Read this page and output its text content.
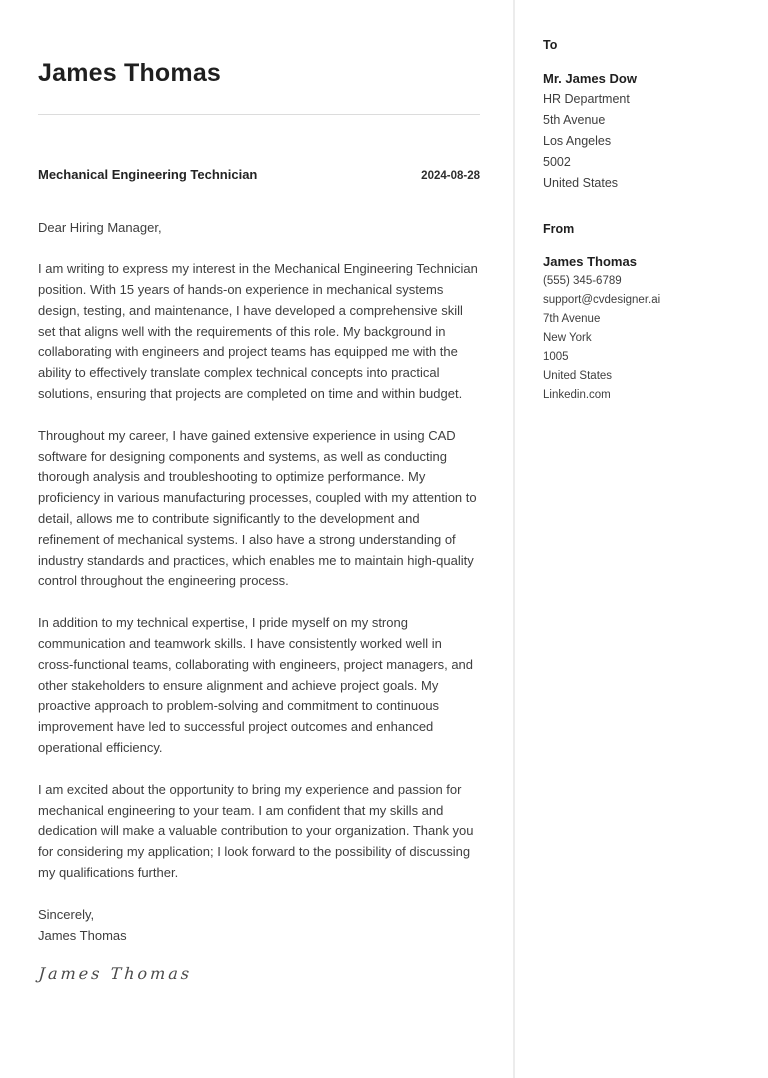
James Thomas
Mechanical Engineering Technician	2024-08-28

Dear Hiring Manager,

I am writing to express my interest in the Mechanical Engineering Technician position. With 15 years of hands-on experience in mechanical systems design, testing, and maintenance, I have developed a comprehensive skill set that aligns well with the requirements of this role. My background in collaborating with engineers and project teams has equipped me with the ability to effectively translate complex technical concepts into practical solutions, ensuring that projects are completed on time and within budget.

Throughout my career, I have gained extensive experience in using CAD software for designing components and systems, as well as conducting thorough analysis and troubleshooting to optimize performance. My proficiency in various manufacturing processes, coupled with my attention to detail, allows me to contribute significantly to the development and refinement of mechanical systems. I also have a strong understanding of industry standards and practices, which enables me to maintain high-quality control throughout the engineering process.

In addition to my technical expertise, I pride myself on my strong communication and teamwork skills. I have consistently worked well in cross-functional teams, collaborating with engineers, project managers, and other stakeholders to ensure alignment and achieve project goals. My proactive approach to problem-solving and commitment to continuous improvement have led to successful project outcomes and enhanced operational efficiency.

I am excited about the opportunity to bring my experience and passion for mechanical engineering to your team. I am confident that my skills and dedication will make a valuable contribution to your organization. Thank you for considering my application; I look forward to the possibility of discussing my qualifications further.

Sincerely,
James Thomas
James Thomas
To
Mr. James Dow
HR Department
5th Avenue
Los Angeles
5002
United States
From
James Thomas
(555) 345-6789
support@cvdesigner.ai
7th Avenue
New York
1005
United States
Linkedin.com
